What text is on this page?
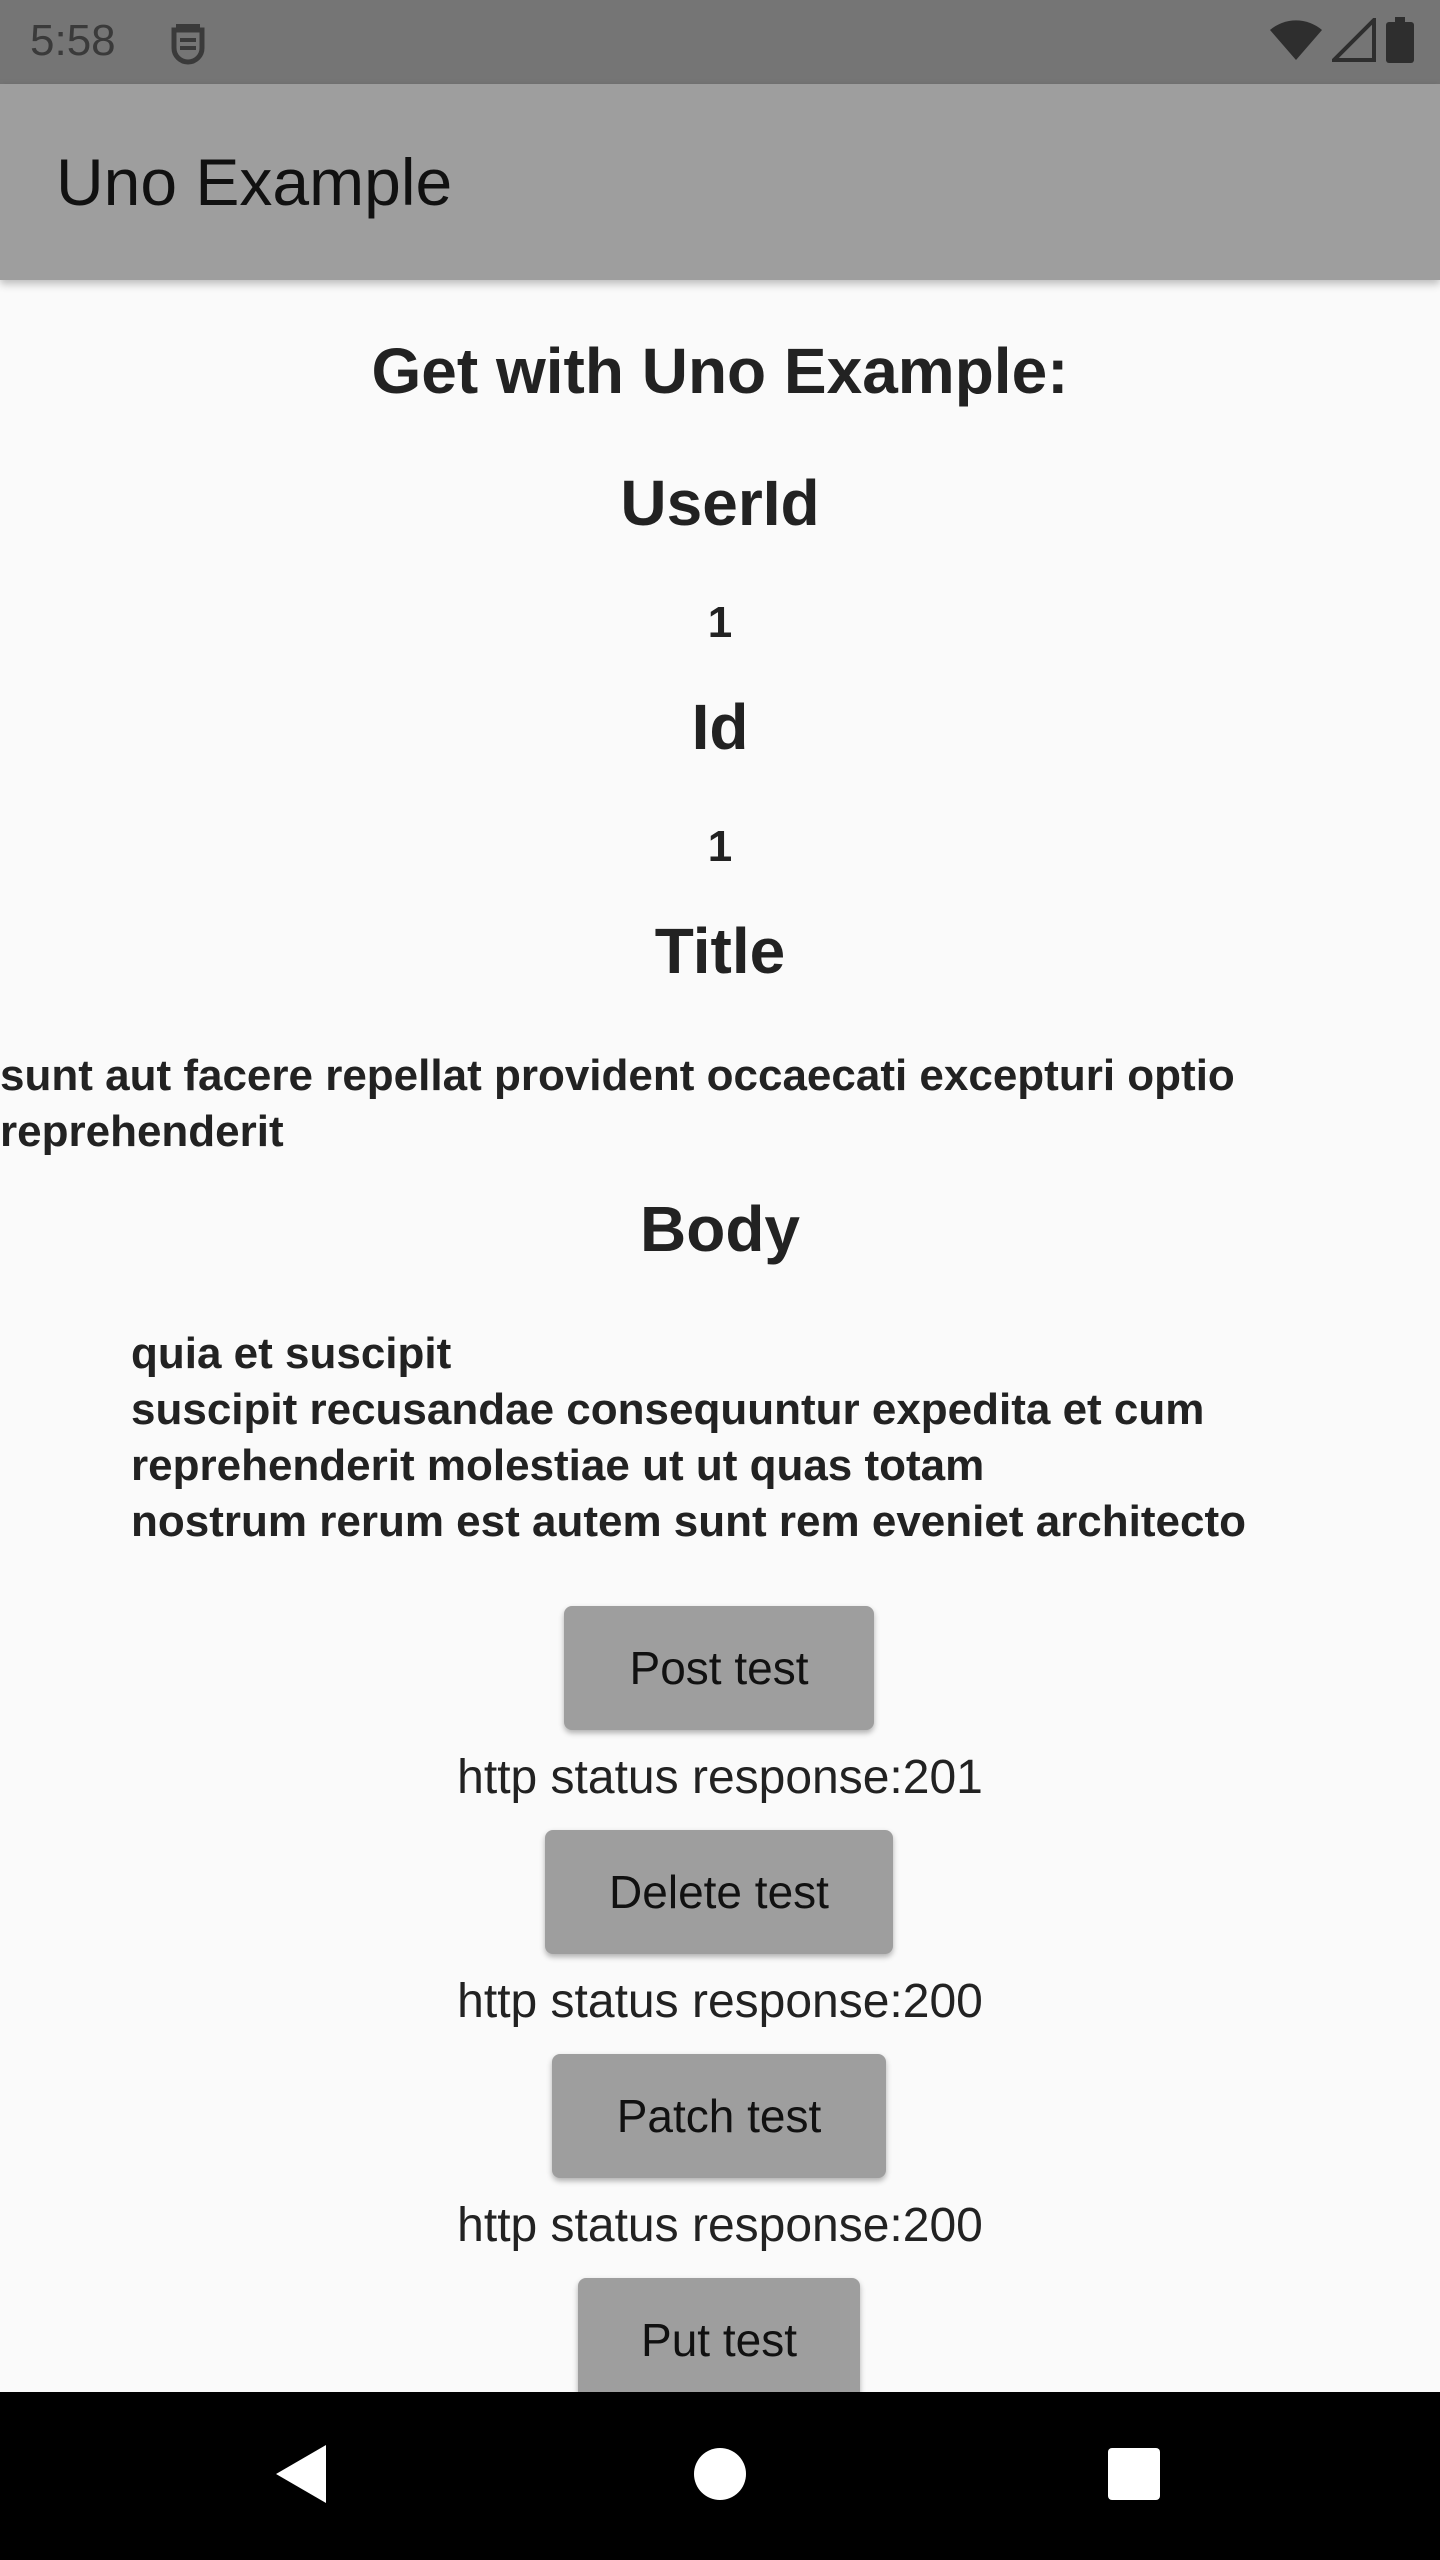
5:58
Uno Example
Get with Uno Example:
UserId
1
Id
1
Title
sunt aut facere repellat provident occaecati excepturi optio
reprehenderit
Body
quia et suscipit
suscipit recusandae consequuntur expedita et cum
reprehenderit molestiae ut ut quas totam
nostrum rerum est autem sunt rem eveniet architecto
Post test
http status response:201
Delete test
http status response:200
Patch test
http status response:200
Put test
